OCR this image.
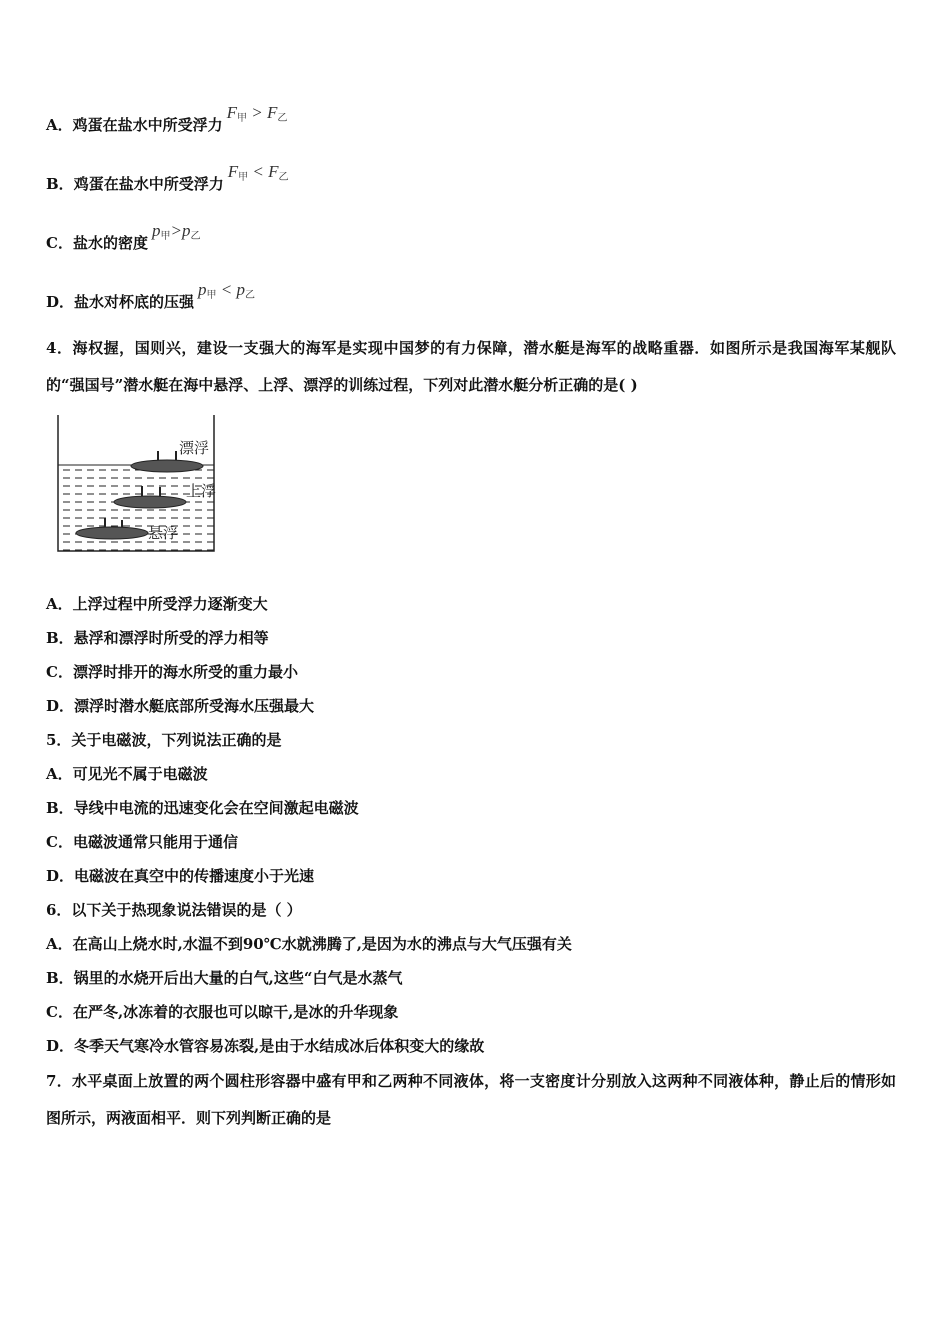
A．鸡蛋在盐水中所受浮力$F_甲 > F_乙$
B．鸡蛋在盐水中所受浮力$F_甲 < F_乙$
C．盐水的密度$p_甲>p_乙$
D．盐水对杯底的压强$p_甲 < p_乙$
4．海权握，国则兴，建设一支强大的海军是实现中国梦的有力保障，潜水艇是海军的战略重器．如图所示是我国海军某舰队的“强国号”潜水艇在海中悬浮、上浮、漂浮的训练过程，下列对此潜水艇分析正确的是( )
漂浮
上浮
悬浮
A．上浮过程中所受浮力逐渐变大
B．悬浮和漂浮时所受的浮力相等
C．漂浮时排开的海水所受的重力最小
D．漂浮时潜水艇底部所受海水压强最大
5．关于电磁波，下列说法正确的是
A．可见光不属于电磁波
B．导线中电流的迅速变化会在空间激起电磁波
C．电磁波通常只能用于通信
D．电磁波在真空中的传播速度小于光速
6．以下关于热现象说法错误的是（ ）
A．在高山上烧水时,水温不到90℃水就沸腾了,是因为水的沸点与大气压强有关
B．锅里的水烧开后出大量的白气,这些“白气是水蒸气
C．在严冬,冰冻着的衣服也可以晾干,是冰的升华现象
D．冬季天气寒冷水管容易冻裂,是由于水结成冰后体积变大的缘故
7．水平桌面上放置的两个圆柱形容器中盛有甲和乙两种不同液体，将一支密度计分别放入这两种不同液体种，静止后的情形如图所示，两液面相平．则下列判断正确的是
